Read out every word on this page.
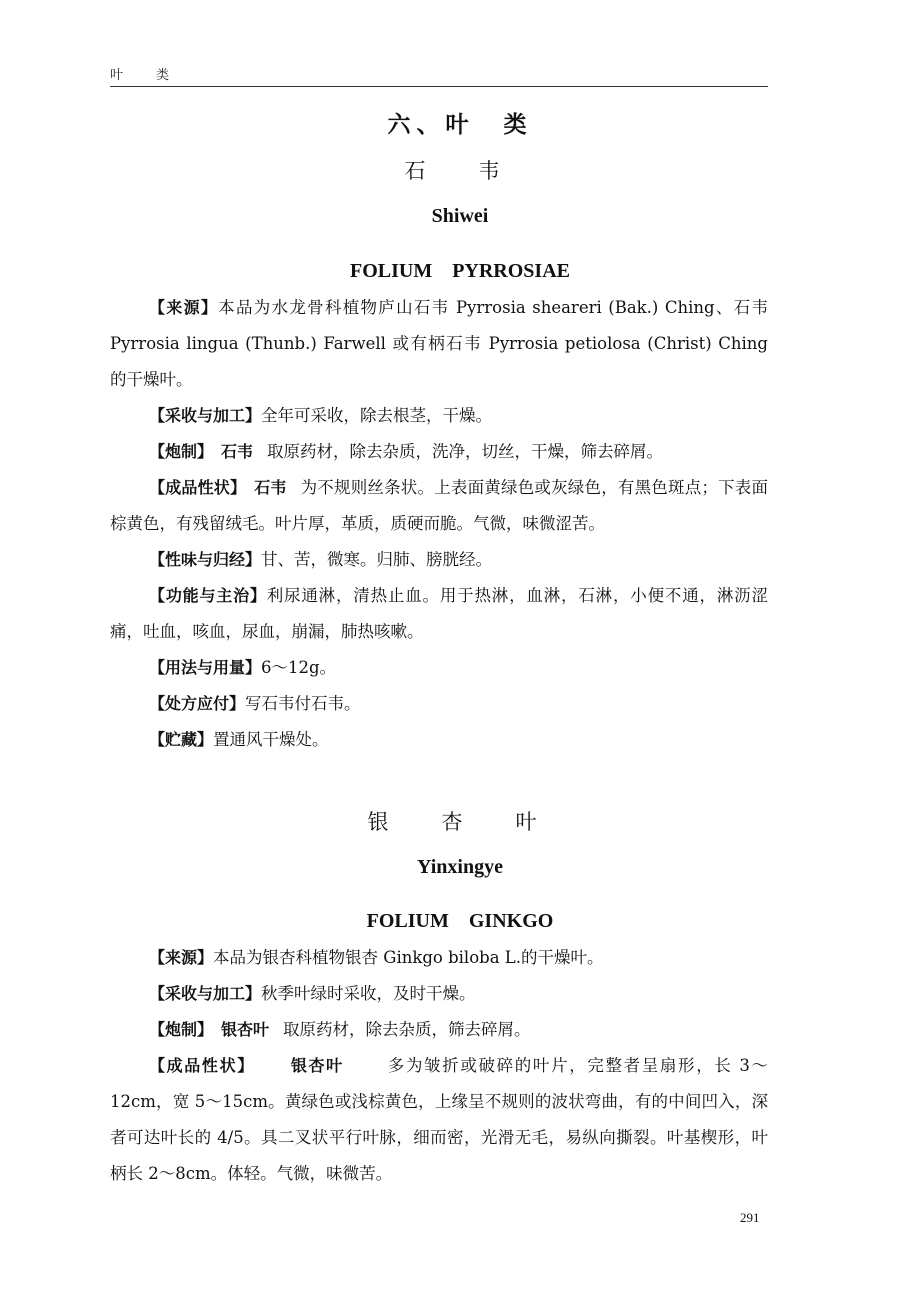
叶　类
六、叶　类
石　韦
Shiwei
FOLIUM　PYRROSIAE

【来源】本品为水龙骨科植物庐山石韦 Pyrrosia sheareri (Bak.) Ching、石韦 Pyrrosia lingua (Thunb.) Farwell 或有柄石韦 Pyrrosia petiolosa (Christ) Ching 的干燥叶。

【采收与加工】全年可采收，除去根茎，干燥。

【炮制】 石韦 取原药材，除去杂质，洗净，切丝，干燥，筛去碎屑。

【成品性状】 石韦 为不规则丝条状。上表面黄绿色或灰绿色，有黑色斑点；下表面棕黄色，有残留绒毛。叶片厚，革质，质硬而脆。气微，味微涩苦。

【性味与归经】甘、苦，微寒。归肺、膀胱经。

【功能与主治】利尿通淋，清热止血。用于热淋，血淋，石淋，小便不通，淋沥涩痛，吐血，咳血，尿血，崩漏，肺热咳嗽。

【用法与用量】6～12g。

【处方应付】写石韦付石韦。

【贮藏】置通风干燥处。

银　杏　叶
Yinxingye
FOLIUM　GINKGO

【来源】本品为银杏科植物银杏 Ginkgo biloba L.的干燥叶。

【采收与加工】秋季叶绿时采收，及时干燥。

【炮制】 银杏叶 取原药材，除去杂质，筛去碎屑。

【成品性状】 银杏叶	多为皱折或破碎的叶片，完整者呈扇形，长 3～12cm，宽 5～15cm。黄绿色或浅棕黄色，上缘呈不规则的波状弯曲，有的中间凹入，深者可达叶长的 4/5。具二叉状平行叶脉，细而密，光滑无毛，易纵向撕裂。叶基楔形，叶柄长 2～8cm。体轻。气微，味微苦。

291
